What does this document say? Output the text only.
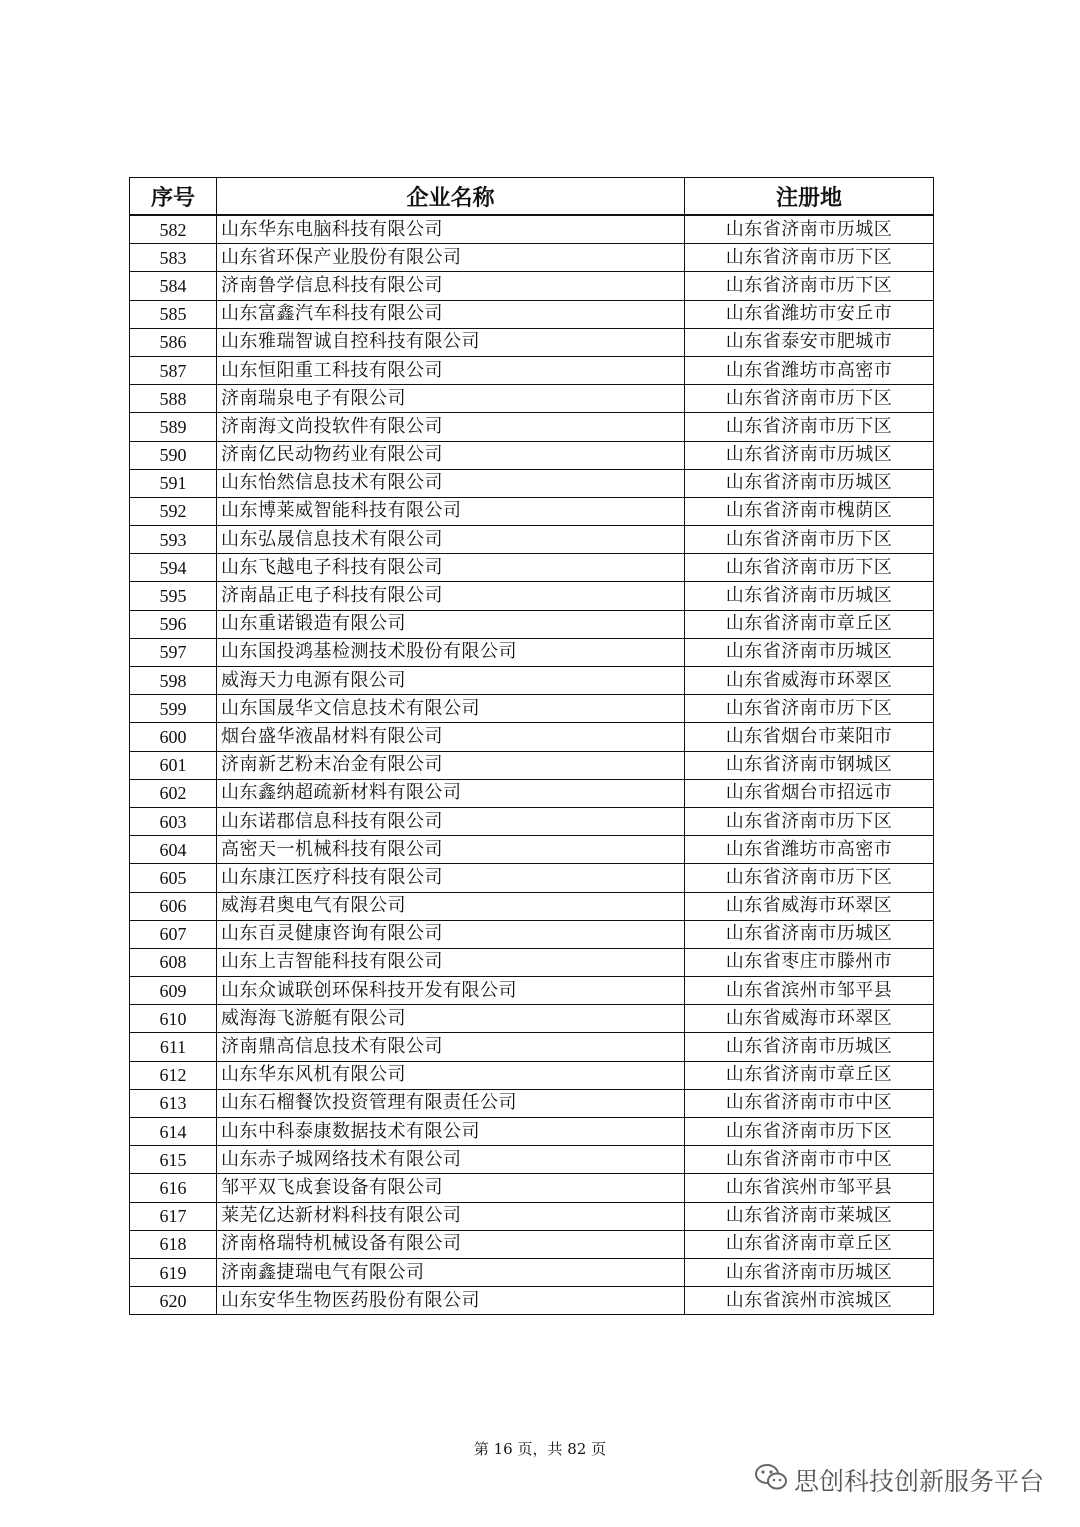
序号	企业名称	注册地
582	山东华东电脑科技有限公司	山东省济南市历城区
583	山东省环保产业股份有限公司	山东省济南市历下区
584	济南鲁学信息科技有限公司	山东省济南市历下区
585	山东富鑫汽车科技有限公司	山东省潍坊市安丘市
586	山东雅瑞智诚自控科技有限公司	山东省泰安市肥城市
587	山东恒阳重工科技有限公司	山东省潍坊市高密市
588	济南瑞泉电子有限公司	山东省济南市历下区
589	济南海文尚投软件有限公司	山东省济南市历下区
590	济南亿民动物药业有限公司	山东省济南市历城区
591	山东怡然信息技术有限公司	山东省济南市历城区
592	山东博莱威智能科技有限公司	山东省济南市槐荫区
593	山东弘晟信息技术有限公司	山东省济南市历下区
594	山东飞越电子科技有限公司	山东省济南市历下区
595	济南晶正电子科技有限公司	山东省济南市历城区
596	山东重诺锻造有限公司	山东省济南市章丘区
597	山东国投鸿基检测技术股份有限公司	山东省济南市历城区
598	威海天力电源有限公司	山东省威海市环翠区
599	山东国晟华文信息技术有限公司	山东省济南市历下区
600	烟台盛华液晶材料有限公司	山东省烟台市莱阳市
601	济南新艺粉末冶金有限公司	山东省济南市钢城区
602	山东鑫纳超疏新材料有限公司	山东省烟台市招远市
603	山东诺郡信息科技有限公司	山东省济南市历下区
604	高密天一机械科技有限公司	山东省潍坊市高密市
605	山东康江医疗科技有限公司	山东省济南市历下区
606	威海君奥电气有限公司	山东省威海市环翠区
607	山东百灵健康咨询有限公司	山东省济南市历城区
608	山东上吉智能科技有限公司	山东省枣庄市滕州市
609	山东众诚联创环保科技开发有限公司	山东省滨州市邹平县
610	威海海飞游艇有限公司	山东省威海市环翠区
611	济南鼎高信息技术有限公司	山东省济南市历城区
612	山东华东风机有限公司	山东省济南市章丘区
613	山东石榴餐饮投资管理有限责任公司	山东省济南市市中区
614	山东中科泰康数据技术有限公司	山东省济南市历下区
615	山东赤子城网络技术有限公司	山东省济南市市中区
616	邹平双飞成套设备有限公司	山东省滨州市邹平县
617	莱芜亿达新材料科技有限公司	山东省济南市莱城区
618	济南格瑞特机械设备有限公司	山东省济南市章丘区
619	济南鑫捷瑞电气有限公司	山东省济南市历城区
620	山东安华生物医药股份有限公司	山东省滨州市滨城区
第 16 页，共 82 页
思创科技创新服务平台
